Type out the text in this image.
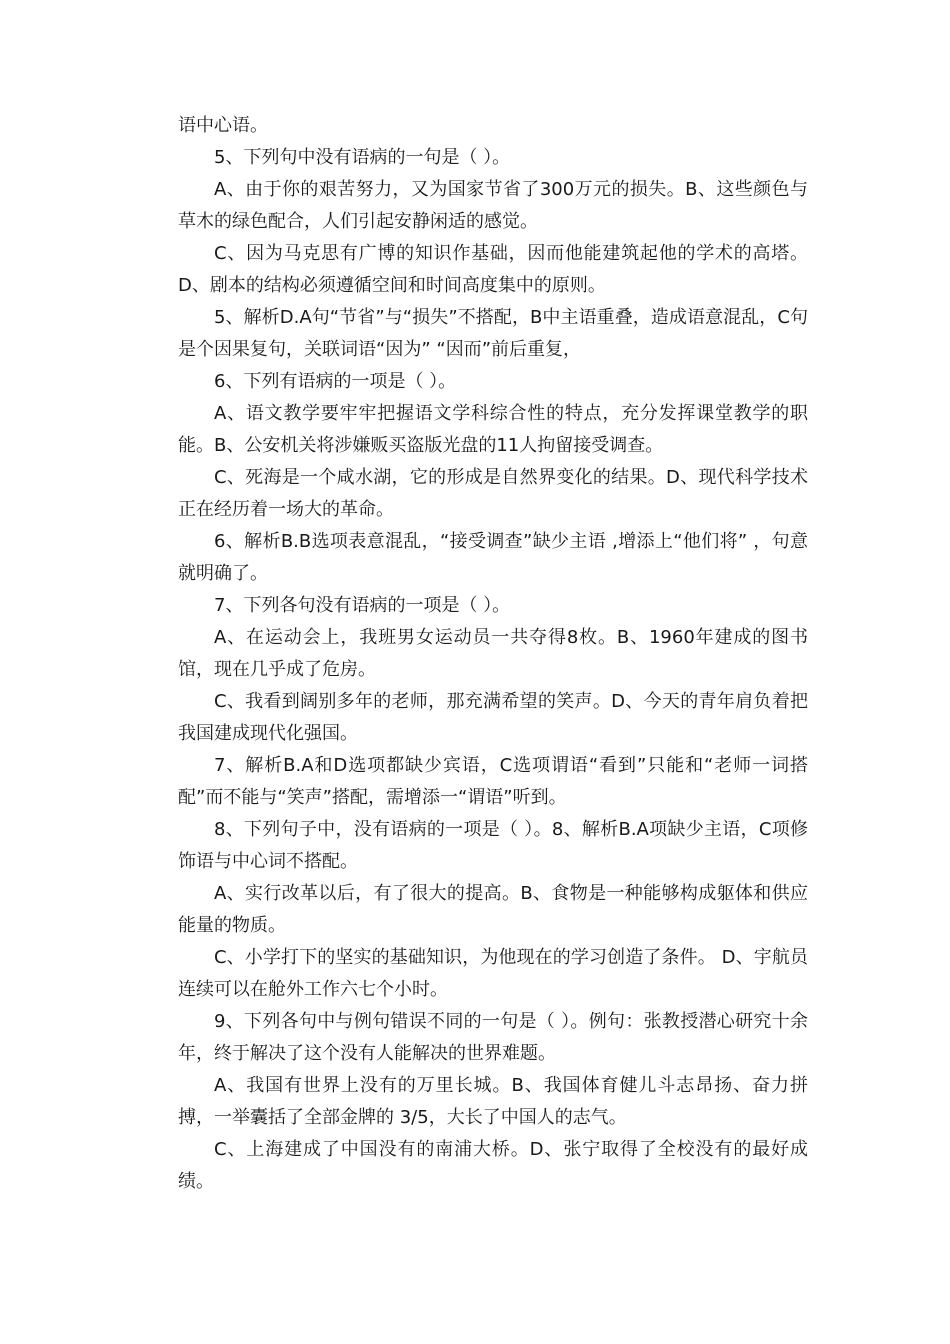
语中心语。

5、下列句中没有语病的一句是（ ）。

A、由于你的艰苦努力，又为国家节省了300万元的损失。B、这些颜色与草木的绿色配合，人们引起安静闲适的感觉。

C、因为马克思有广博的知识作基础，因而他能建筑起他的学术的高塔。 D、剧本的结构必须遵循空间和时间高度集中的原则。

5、解析D.A句“节省”与“损失”不搭配，B中主语重叠，造成语意混乱，C句是个因果复句，关联词语“因为” “因而”前后重复，

6、下列有语病的一项是（ ）。

A、语文教学要牢牢把握语文学科综合性的特点，充分发挥课堂教学的职能。B、公安机关将涉嫌贩买盗版光盘的11人拘留接受调查。

C、死海是一个咸水湖，它的形成是自然界变化的结果。D、现代科学技术正在经历着一场大的革命。

6、解析B.B选项表意混乱，“接受调查”缺少主语 ,增添上“他们将” ，句意就明确了。

7、下列各句没有语病的一项是（ ）。

A、在运动会上，我班男女运动员一共夺得8枚。B、1960年建成的图书馆，现在几乎成了危房。

C、我看到阔别多年的老师，那充满希望的笑声。D、今天的青年肩负着把我国建成现代化强国。

7、解析B.A和D选项都缺少宾语，C选项谓语“看到”只能和“老师一词搭配”而不能与“笑声”搭配，需增添一“谓语”听到。

8、下列句子中，没有语病的一项是（ ）。8、解析B.A项缺少主语，C项修饰语与中心词不搭配。

A、实行改革以后，有了很大的提高。B、食物是一种能够构成躯体和供应能量的物质。

C、小学打下的坚实的基础知识，为他现在的学习创造了条件。 D、宇航员连续可以在舱外工作六七个小时。

9、下列各句中与例句错误不同的一句是（ ）。例句：张教授潜心研究十余年，终于解决了这个没有人能解决的世界难题。

A、我国有世界上没有的万里长城。B、我国体育健儿斗志昂扬、奋力拼搏，一举囊括了全部金牌的 3/5，大长了中国人的志气。

C、上海建成了中国没有的南浦大桥。D、张宁取得了全校没有的最好成绩。
